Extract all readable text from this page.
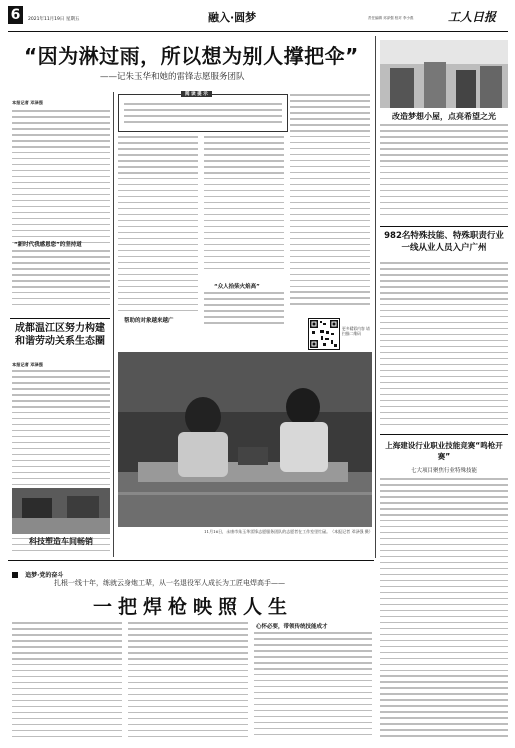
6	2021年11月19日 星期五	融入·圆梦	责任编辑 邓泽强 校对 李小燕	工人日报
“因为淋过雨，所以想为别人撑把伞”
——记朱玉华和她的雷锋志愿服务团队
本报记者 邓泽强
“新时代我感恩您”的坚持道
成都温江区努力构建和谐劳动关系生态圈
本报记者 邓泽强
阅 读 提 示
帮助的对象越来越广
“众人拾柴火焰高”
更多精彩内容 请扫描二维码
11月16日，永康市朱玉华雷锋志愿服务团队的志愿者在工作室里忙碌。（本报记者 邓泽强 摄）
科技塑造车间畅销
改造梦想小屋，点亮希望之光
982名特殊技能、特殊职责行业一线从业人员入户广州
上海建设行业职业技能竞赛“鸣枪开赛”
七大项目聚焦行业特殊技能
追梦·党的奋斗
扎根一线十年，练就云身炮工辈，从一名退役军人成长为工匠电焊高手——
一把焊枪映照人生
心怀必要，带领传统技能成才
